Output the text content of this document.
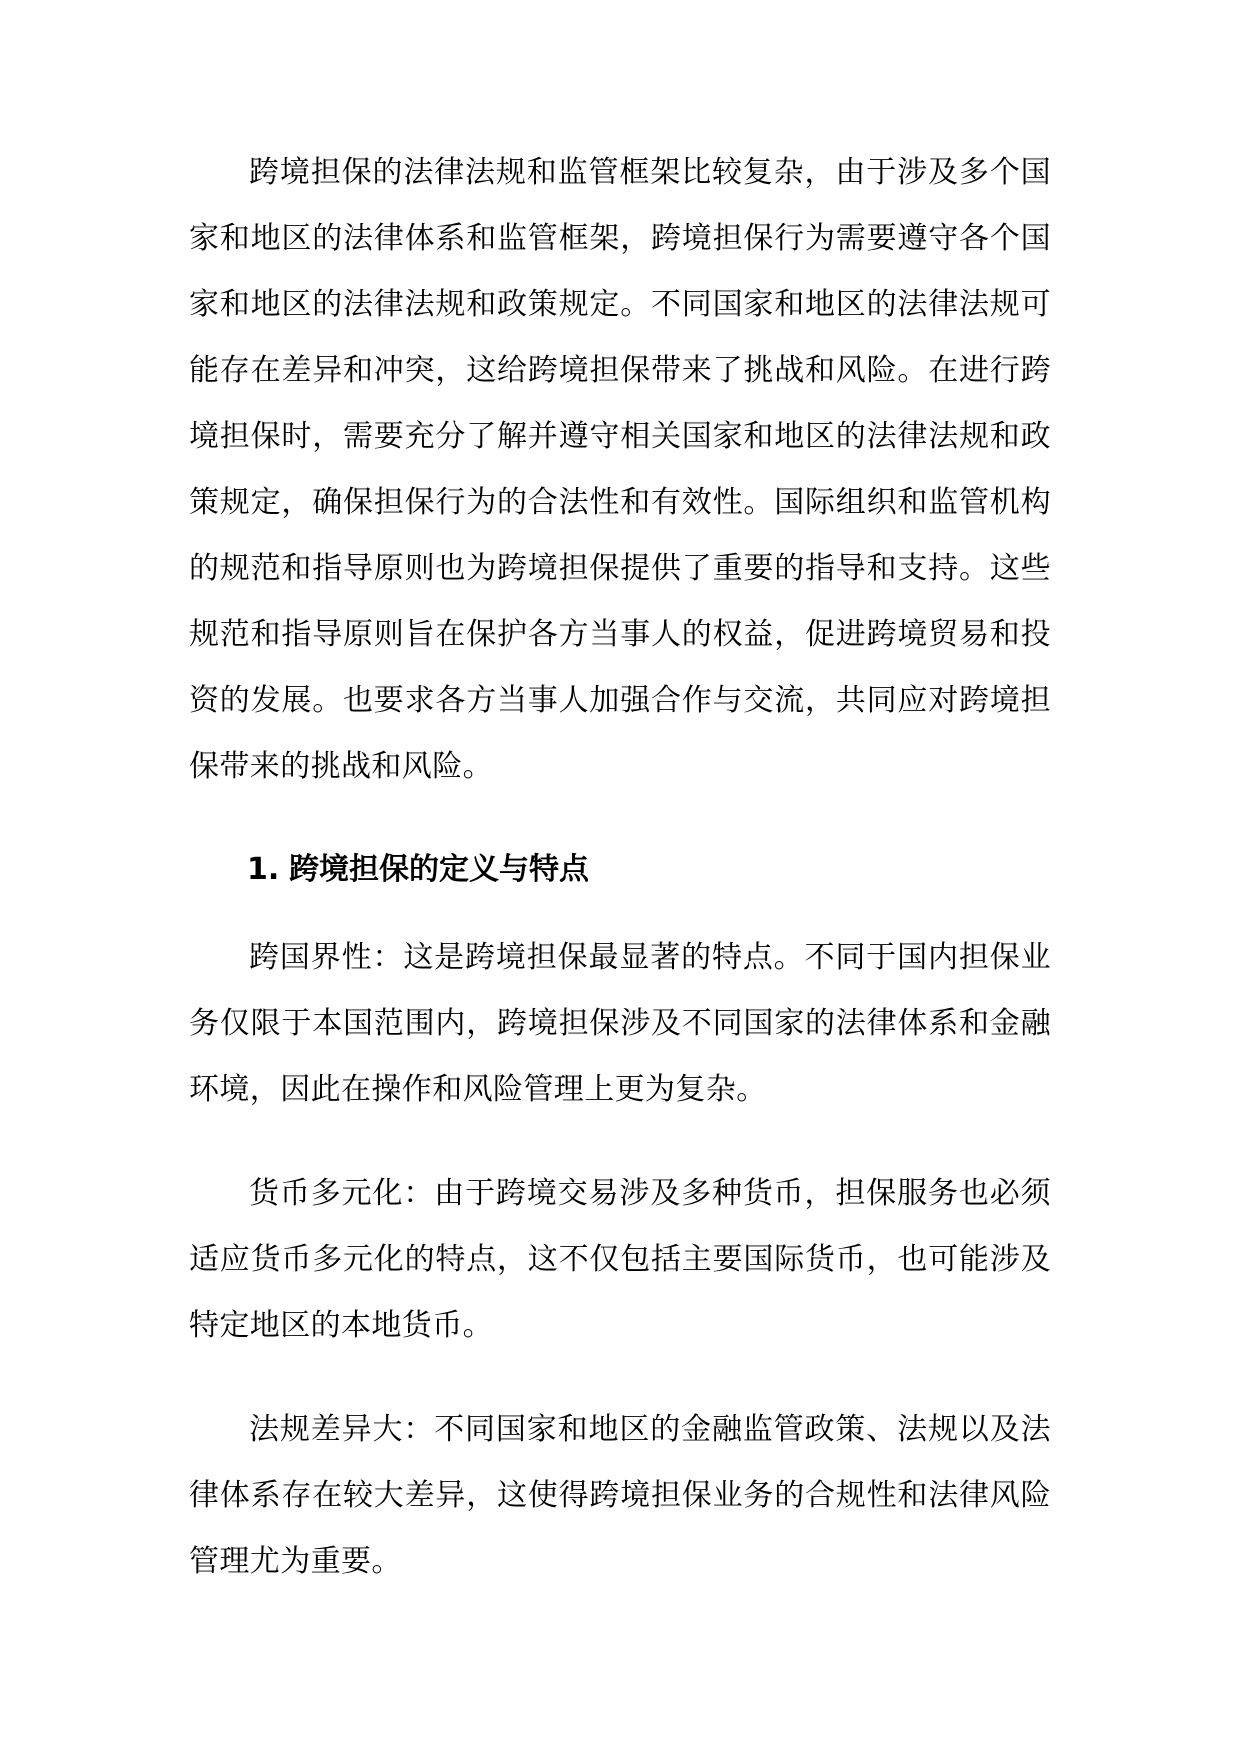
跨境担保的法律法规和监管框架比较复杂，由于涉及多个国家和地区的法律体系和监管框架，跨境担保行为需要遵守各个国家和地区的法律法规和政策规定。不同国家和地区的法律法规可能存在差异和冲突，这给跨境担保带来了挑战和风险。在进行跨境担保时，需要充分了解并遵守相关国家和地区的法律法规和政策规定，确保担保行为的合法性和有效性。国际组织和监管机构的规范和指导原则也为跨境担保提供了重要的指导和支持。这些规范和指导原则旨在保护各方当事人的权益，促进跨境贸易和投资的发展。也要求各方当事人加强合作与交流，共同应对跨境担保带来的挑战和风险。

1. 跨境担保的定义与特点

跨国界性：这是跨境担保最显著的特点。不同于国内担保业务仅限于本国范围内，跨境担保涉及不同国家的法律体系和金融环境，因此在操作和风险管理上更为复杂。

货币多元化：由于跨境交易涉及多种货币，担保服务也必须适应货币多元化的特点，这不仅包括主要国际货币，也可能涉及特定地区的本地货币。

法规差异大：不同国家和地区的金融监管政策、法规以及法律体系存在较大差异，这使得跨境担保业务的合规性和法律风险管理尤为重要。
